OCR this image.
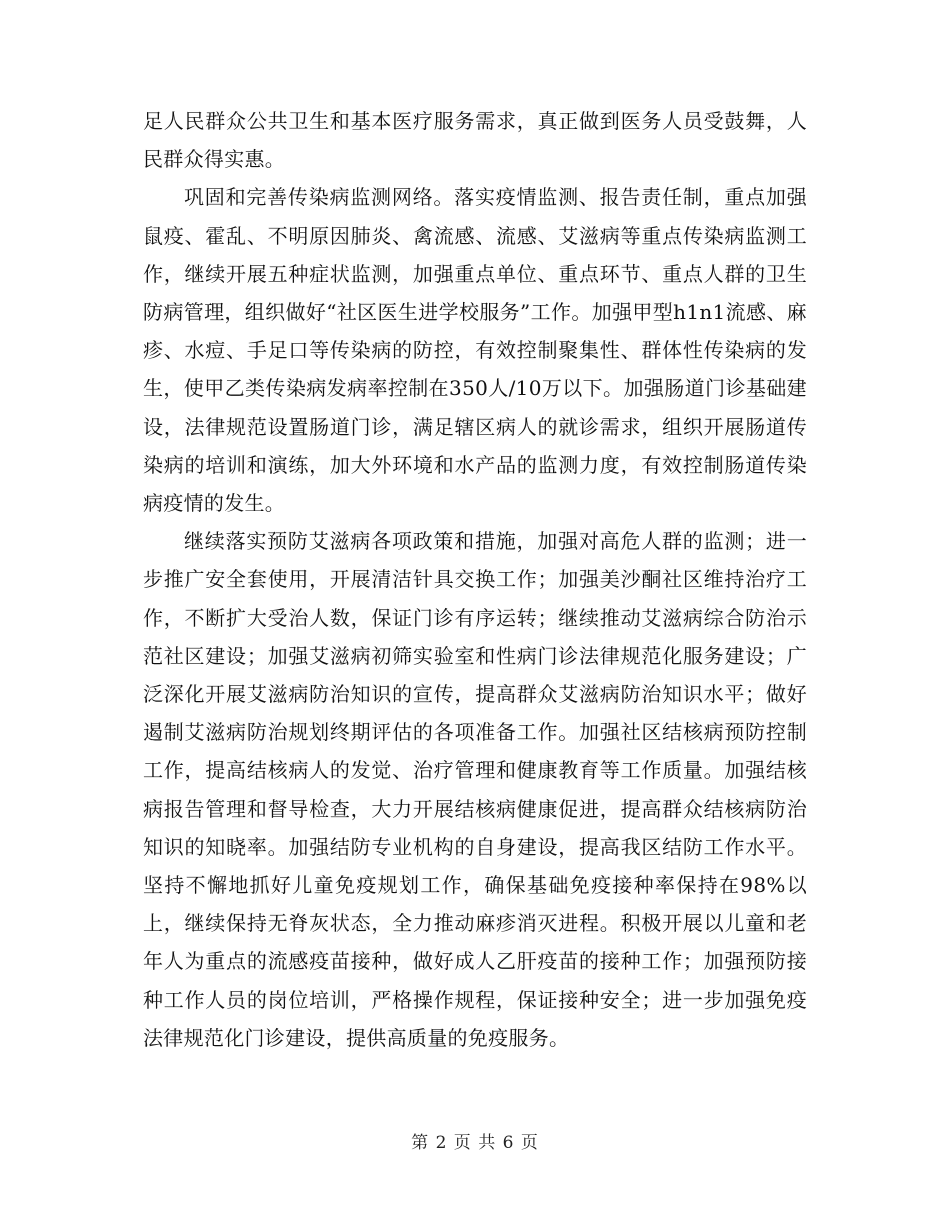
足人民群众公共卫生和基本医疗服务需求，真正做到医务人员受鼓舞，人民群众得实惠。

巩固和完善传染病监测网络。落实疫情监测、报告责任制，重点加强鼠疫、霍乱、不明原因肺炎、禽流感、流感、艾滋病等重点传染病监测工作，继续开展五种症状监测，加强重点单位、重点环节、重点人群的卫生防病管理，组织做好“社区医生进学校服务”工作。加强甲型h1n1流感、麻疹、水痘、手足口等传染病的防控，有效控制聚集性、群体性传染病的发生，使甲乙类传染病发病率控制在350人/10万以下。加强肠道门诊基础建设，法律规范设置肠道门诊，满足辖区病人的就诊需求，组织开展肠道传染病的培训和演练，加大外环境和水产品的监测力度，有效控制肠道传染病疫情的发生。

继续落实预防艾滋病各项政策和措施，加强对高危人群的监测；进一步推广安全套使用，开展清洁针具交换工作；加强美沙酮社区维持治疗工作，不断扩大受治人数，保证门诊有序运转；继续推动艾滋病综合防治示范社区建设；加强艾滋病初筛实验室和性病门诊法律规范化服务建设；广泛深化开展艾滋病防治知识的宣传，提高群众艾滋病防治知识水平；做好遏制艾滋病防治规划终期评估的各项准备工作。加强社区结核病预防控制工作，提高结核病人的发觉、治疗管理和健康教育等工作质量。加强结核病报告管理和督导检查，大力开展结核病健康促进，提高群众结核病防治知识的知晓率。加强结防专业机构的自身建设，提高我区结防工作水平。坚持不懈地抓好儿童免疫规划工作，确保基础免疫接种率保持在98%以上，继续保持无脊灰状态，全力推动麻疹消灭进程。积极开展以儿童和老年人为重点的流感疫苗接种，做好成人乙肝疫苗的接种工作；加强预防接种工作人员的岗位培训，严格操作规程，保证接种安全；进一步加强免疫法律规范化门诊建设，提供高质量的免疫服务。

第 2 页 共 6 页
